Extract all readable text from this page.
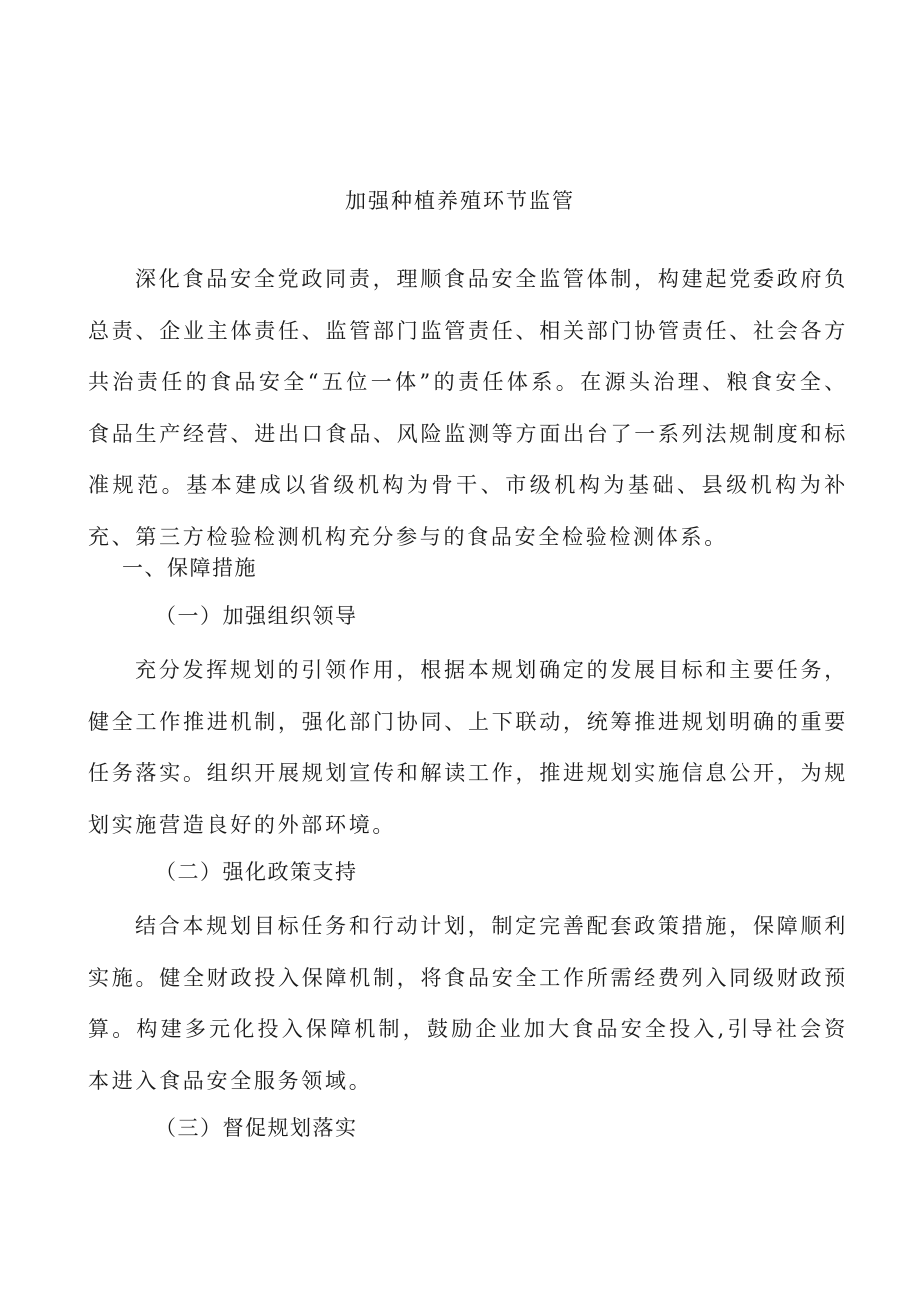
加强种植养殖环节监管

深化食品安全党政同责，理顺食品安全监管体制，构建起党委政府负总责、企业主体责任、监管部门监管责任、相关部门协管责任、社会各方共治责任的食品安全“五位一体”的责任体系。在源头治理、粮食安全、食品生产经营、进出口食品、风险监测等方面出台了一系列法规制度和标准规范。基本建成以省级机构为骨干、市级机构为基础、县级机构为补充、第三方检验检测机构充分参与的食品安全检验检测体系。

一、保障措施
（一）加强组织领导

充分发挥规划的引领作用，根据本规划确定的发展目标和主要任务，健全工作推进机制，强化部门协同、上下联动，统筹推进规划明确的重要任务落实。组织开展规划宣传和解读工作，推进规划实施信息公开，为规划实施营造良好的外部环境。

（二）强化政策支持

结合本规划目标任务和行动计划，制定完善配套政策措施，保障顺利实施。健全财政投入保障机制，将食品安全工作所需经费列入同级财政预算。构建多元化投入保障机制，鼓励企业加大食品安全投入,引导社会资本进入食品安全服务领域。

（三）督促规划落实
